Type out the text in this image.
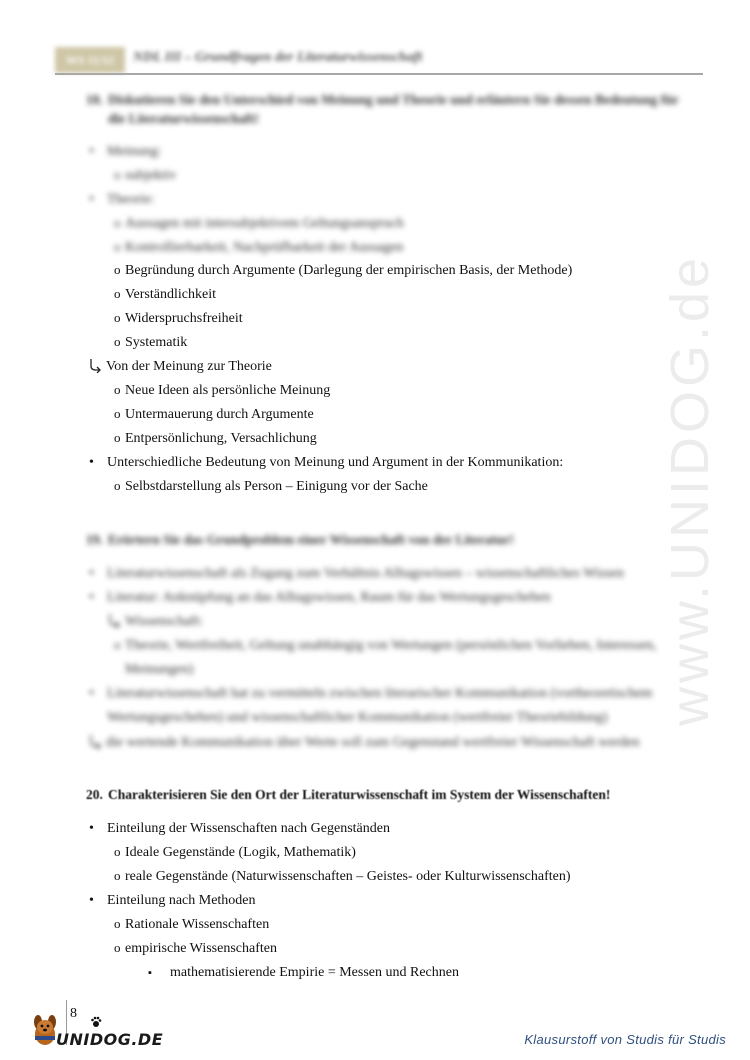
WS 11/12	NDL III – Grundfragen der Literaturwissenschaft
18. Diskutieren Sie den Unterschied von Meinung und Theorie und erläutern Sie dessen Bedeutung für
die Literaturwissenschaft!
• Meinung:
o subjektiv
• Theorie:
o Aussagen mit intersubjektivem Geltungsanspruch
o Kontrollierbarkeit, Nachprüfbarkeit der Aussagen
o Begründung durch Argumente (Darlegung der empirischen Basis, der Methode)
o Verständlichkeit
o Widerspruchsfreiheit
o Systematik
Von der Meinung zur Theorie
o Neue Ideen als persönliche Meinung
o Untermauerung durch Argumente
o Entpersönlichung, Versachlichung
• Unterschiedliche Bedeutung von Meinung und Argument in der Kommunikation:
o Selbstdarstellung als Person – Einigung vor der Sache
19. Erörtern Sie das Grundproblem einer Wissenschaft von der Literatur!
• Literaturwissenschaft als Zugang zum Verhältnis Alltagswissen – wissenschaftliches Wissen
• Literatur: Anknüpfung an das Alltagswissen, Raum für das Wertungsgeschehen
Wissenschaft:
o Theorie, Wertfreiheit, Geltung unabhängig von Wertungen (persönlichen Vorlieben, Interessen,
Meinungen)
• Literaturwissenschaft hat zu vermitteln zwischen literarischer Kommunikation (vortheoretischem
Wertungsgeschehen) und wissenschaftlicher Kommunikation (wertfreier Theoriebildung)
die wertende Kommunikation über Werte soll zum Gegenstand wertfreier Wissenschaft werden
20. Charakterisieren Sie den Ort der Literaturwissenschaft im System der Wissenschaften!
• Einteilung der Wissenschaften nach Gegenständen
o Ideale Gegenstände (Logik, Mathematik)
o reale Gegenstände (Naturwissenschaften – Geistes- oder Kulturwissenschaften)
• Einteilung nach Methoden
o Rationale Wissenschaften
o empirische Wissenschaften
▪ mathematisierende Empirie = Messen und Rechnen
www.UNIDOG.de
8
UNIDOG.DE	Klausurstoff von Studis für Studis
